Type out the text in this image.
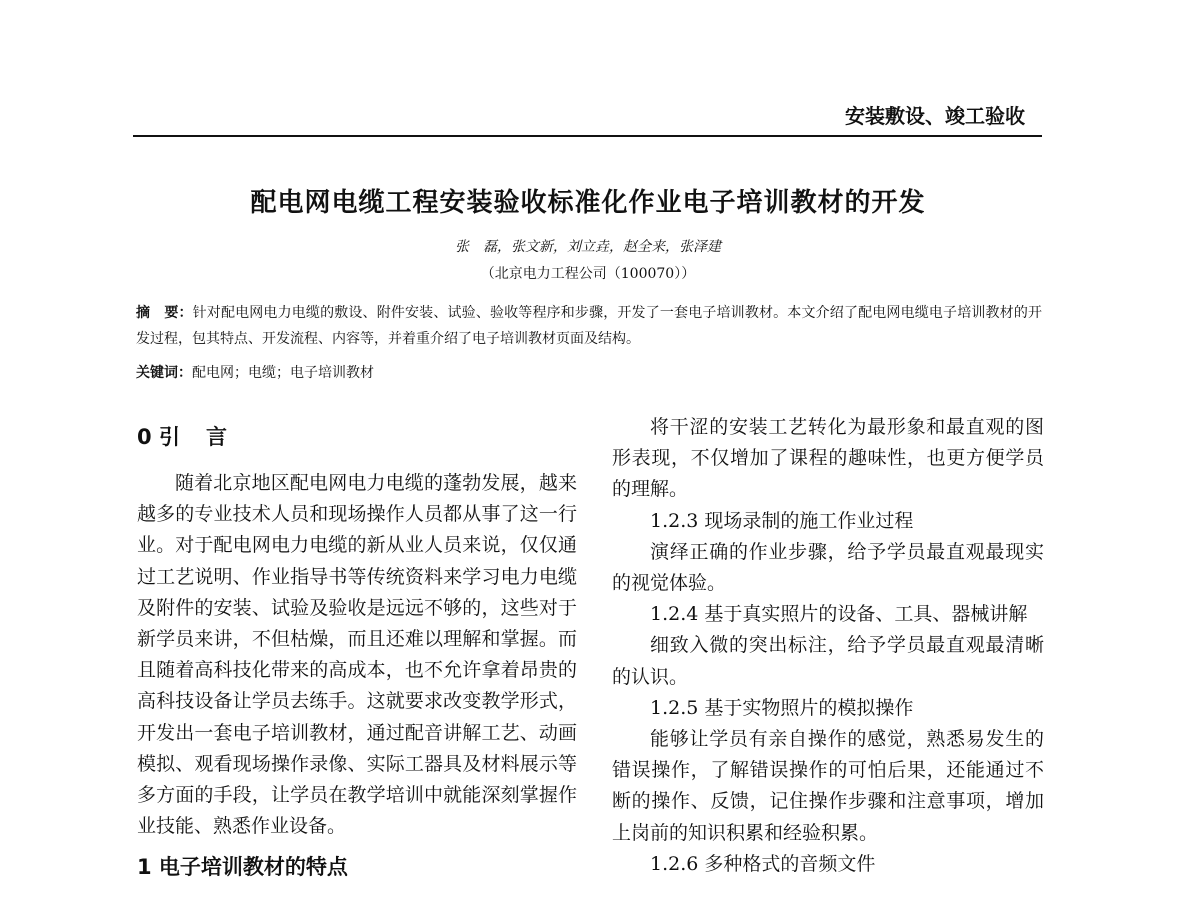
安装敷设、竣工验收
配电网电缆工程安装验收标准化作业电子培训教材的开发
张　磊，张文新，刘立垚，赵全来，张泽建
（北京电力工程公司（100070））
摘　要：针对配电网电力电缆的敷设、附件安装、试验、验收等程序和步骤，开发了一套电子培训教材。本文介绍了配电网电缆电子培训教材的开发过程，包其特点、开发流程、内容等，并着重介绍了电子培训教材页面及结构。
关键词：配电网；电缆；电子培训教材
0 引 言

随着北京地区配电网电力电缆的蓬勃发展，越来越多的专业技术人员和现场操作人员都从事了这一行业。对于配电网电力电缆的新从业人员来说，仅仅通过工艺说明、作业指导书等传统资料来学习电力电缆及附件的安装、试验及验收是远远不够的，这些对于新学员来讲，不但枯燥，而且还难以理解和掌握。而且随着高科技化带来的高成本，也不允许拿着昂贵的高科技设备让学员去练手。这就要求改变教学形式，开发出一套电子培训教材，通过配音讲解工艺、动画模拟、观看现场操作录像、实际工器具及材料展示等多方面的手段，让学员在教学培训中就能深刻掌握作业技能、熟悉作业设备。

1 电子培训教材的特点

将干涩的安装工艺转化为最形象和最直观的图形表现，不仅增加了课程的趣味性，也更方便学员的理解。

1.2.3 现场录制的施工作业过程

演绎正确的作业步骤，给予学员最直观最现实的视觉体验。

1.2.4 基于真实照片的设备、工具、器械讲解

细致入微的突出标注，给予学员最直观最清晰的认识。

1.2.5 基于实物照片的模拟操作

能够让学员有亲自操作的感觉，熟悉易发生的错误操作，了解错误操作的可怕后果，还能通过不断的操作、反馈，记住操作步骤和注意事项，增加上岗前的知识积累和经验积累。

1.2.6 多种格式的音频文件
